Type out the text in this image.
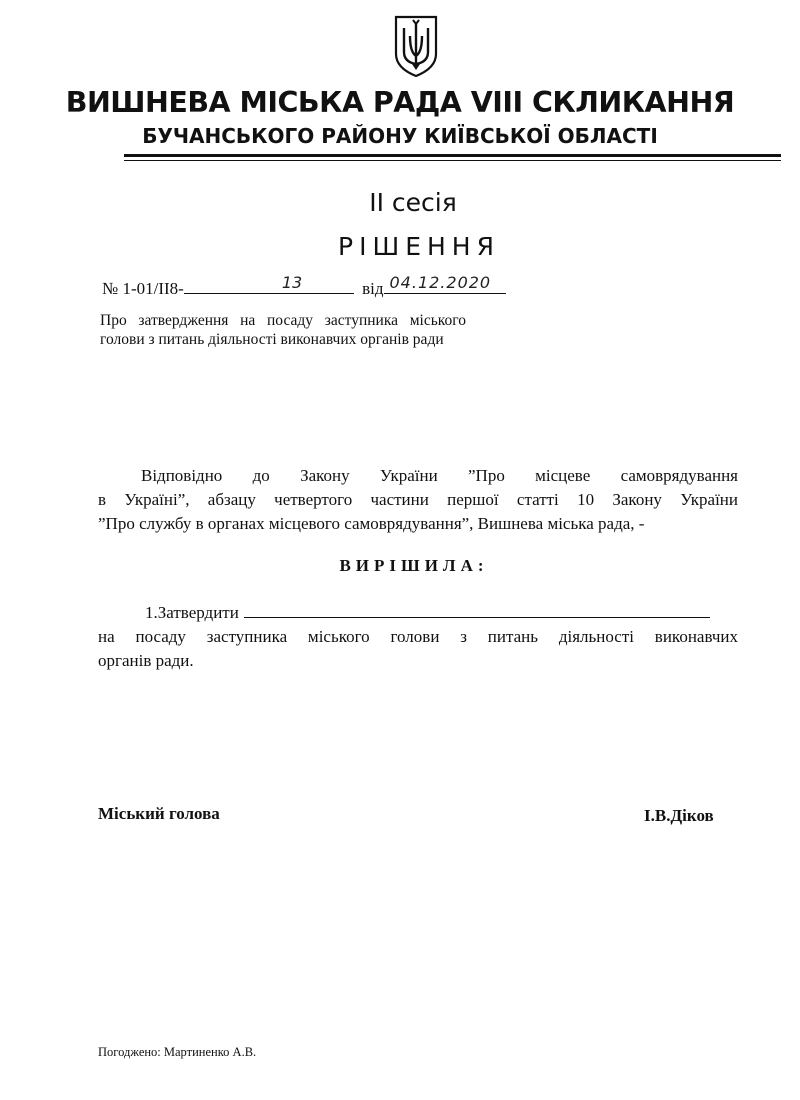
ВИШНЕВА МІСЬКА РАДА VIII СКЛИКАННЯ
БУЧАНСЬКОГО РАЙОНУ КИЇВСЬКОЇ ОБЛАСТІ
ІІ сесія
РІШЕННЯ
№ 1-01/II8-	13	від 04.12.2020
Про затвердження на посаду заступника міського голови з питань діяльності виконавчих органів ради
Відповідно до Закону України ”Про місцеве самоврядування
в Україні”, абзацу четвертого частини першої статті 10 Закону України
”Про службу в органах місцевого самоврядування”, Вишнева міська рада, -
ВИРІШИЛА:
1.Затвердити
на посаду заступника міського голови з питань діяльності виконавчих
органів ради.
Міський голова	І.В.Діков
Погоджено: Мартиненко А.В.
